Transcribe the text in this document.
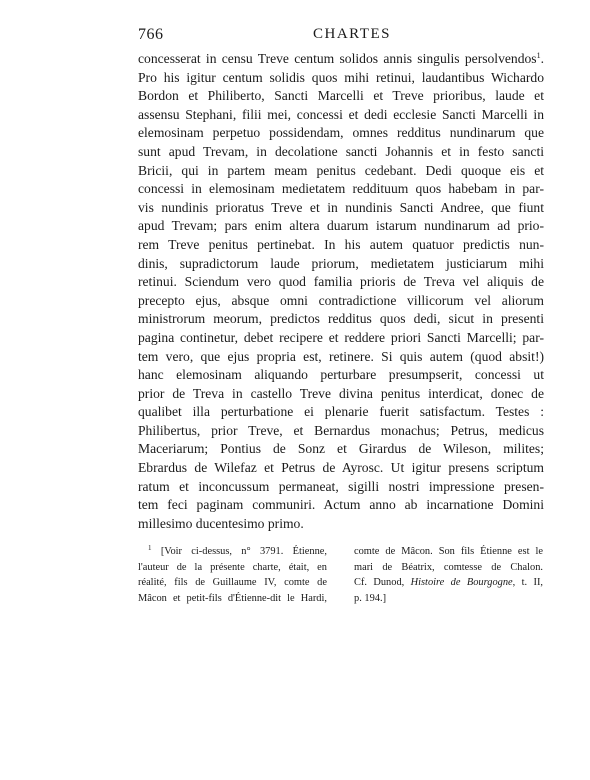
766	CHARTES
concesserat in censu Treve centum solidos annis singulis persolvendos$^1$.
Pro his igitur centum solidis quos mihi retinui, laudantibus Wichardo
Bordon et Philiberto, Sancti Marcelli et Treve prioribus, laude et
assensu Stephani, filii mei, concessi et dedi ecclesie Sancti Marcelli in
elemosinam perpetuo possidendam, omnes redditus nundinarum que
sunt apud Trevam, in decolatione sancti Johannis et in festo sancti
Bricii, qui in partem meam penitus cedebant. Dedi quoque eis et
concessi in elemosinam medietatem reddituum quos habebam in par-
vis nundinis prioratus Treve et in nundinis Sancti Andree, que fiunt
apud Trevam; pars enim altera duarum istarum nundinarum ad prio-
rem Treve penitus pertinebat. In his autem quatuor predictis nun-
dinis, supradictorum laude priorum, medietatem justiciarum mihi
retinui. Sciendum vero quod familia prioris de Treva vel aliquis de
precepto ejus, absque omni contradictione villicorum vel aliorum
ministrorum meorum, predictos redditus quos dedi, sicut in presenti
pagina continetur, debet recipere et reddere priori Sancti Marcelli; par-
tem vero, que ejus propria est, retinere. Si quis autem (quod absit!)
hanc elemosinam aliquando perturbare presumpserit, concessi ut
prior de Treva in castello Treve divina penitus interdicat, donec de
qualibet illa perturbatione ei plenarie fuerit satisfactum. Testes :
Philibertus, prior Treve, et Bernardus monachus; Petrus, medicus
Maceriarum; Pontius de Sonz et Girardus de Wileson, milites;
Ebrardus de Wilefaz et Petrus de Ayrosc. Ut igitur presens scriptum
ratum et inconcussum permaneat, sigilli nostri impressione presen-
tem feci paginam communiri. Actum anno ab incarnatione Domini
millesimo ducentesimo primo.
$^1$ [Voir ci-dessus, n° 3791. Étienne,
l'auteur de la présente charte, était, en
réalité, fils de Guillaume IV, comte de
Mâcon et petit-fils d'Étienne-dit le Hardi,
comte de Mâcon. Son fils Étienne est le
mari de Béatrix, comtesse de Chalon.
Cf. Dunod, Histoire de Bourgogne, t. II,
p. 194.]
